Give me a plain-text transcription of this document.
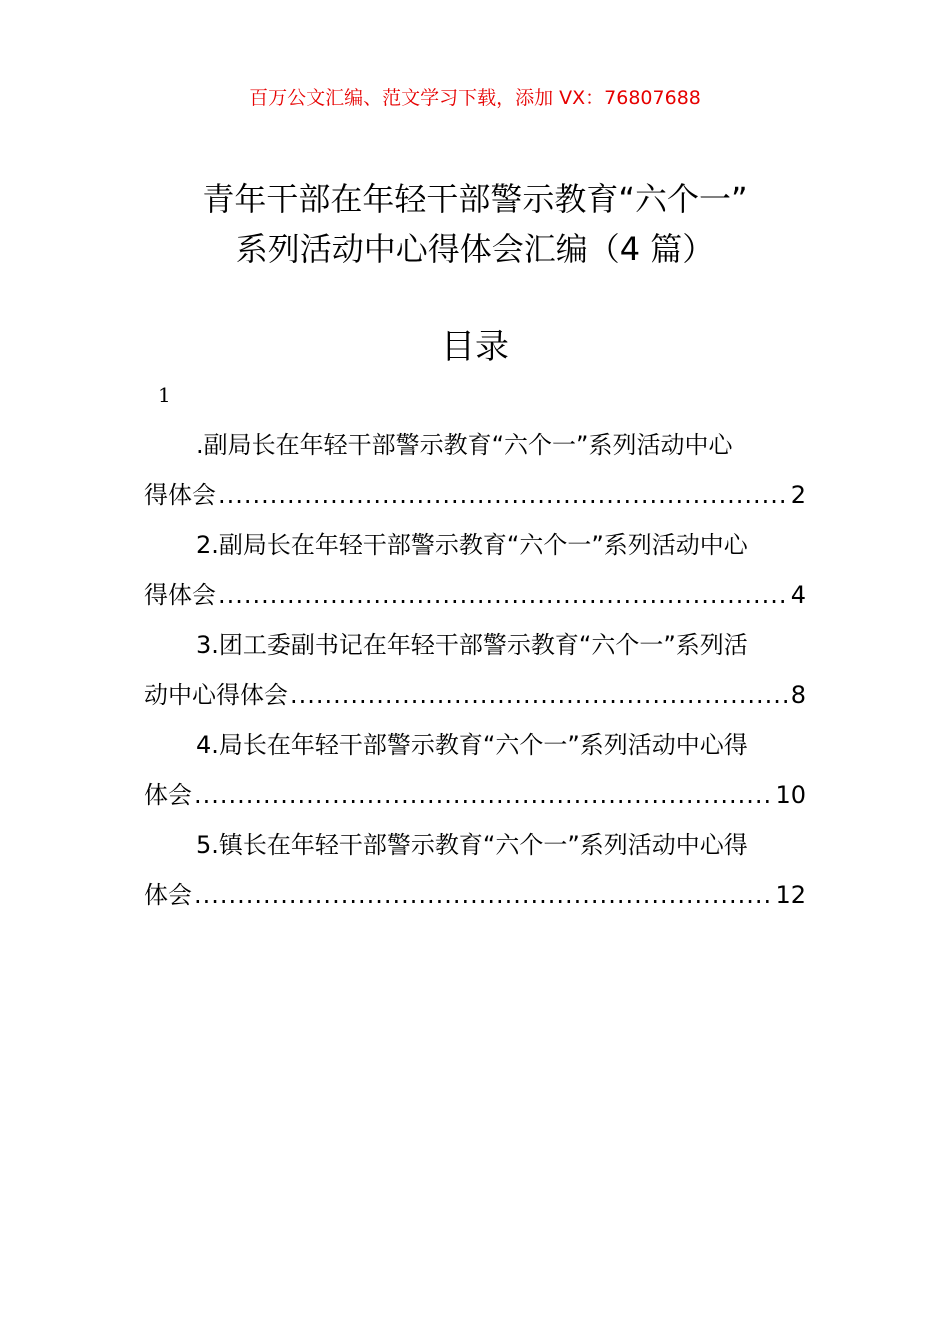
百万公文汇编、范文学习下载，添加 VX：76807688
青年干部在年轻干部警示教育“六个一”
系列活动中心得体会汇编（4 篇）
目录
1
.副局长在年轻干部警示教育“六个一”系列活动中心
得体会 .....	2
2.副局长在年轻干部警示教育“六个一”系列活动中心
得体会 .....	4
3.团工委副书记在年轻干部警示教育“六个一”系列活
动中心得体会 .....	8
4.局长在年轻干部警示教育“六个一”系列活动中心得
体会 .....	10
5.镇长在年轻干部警示教育“六个一”系列活动中心得
体会 .....	12
